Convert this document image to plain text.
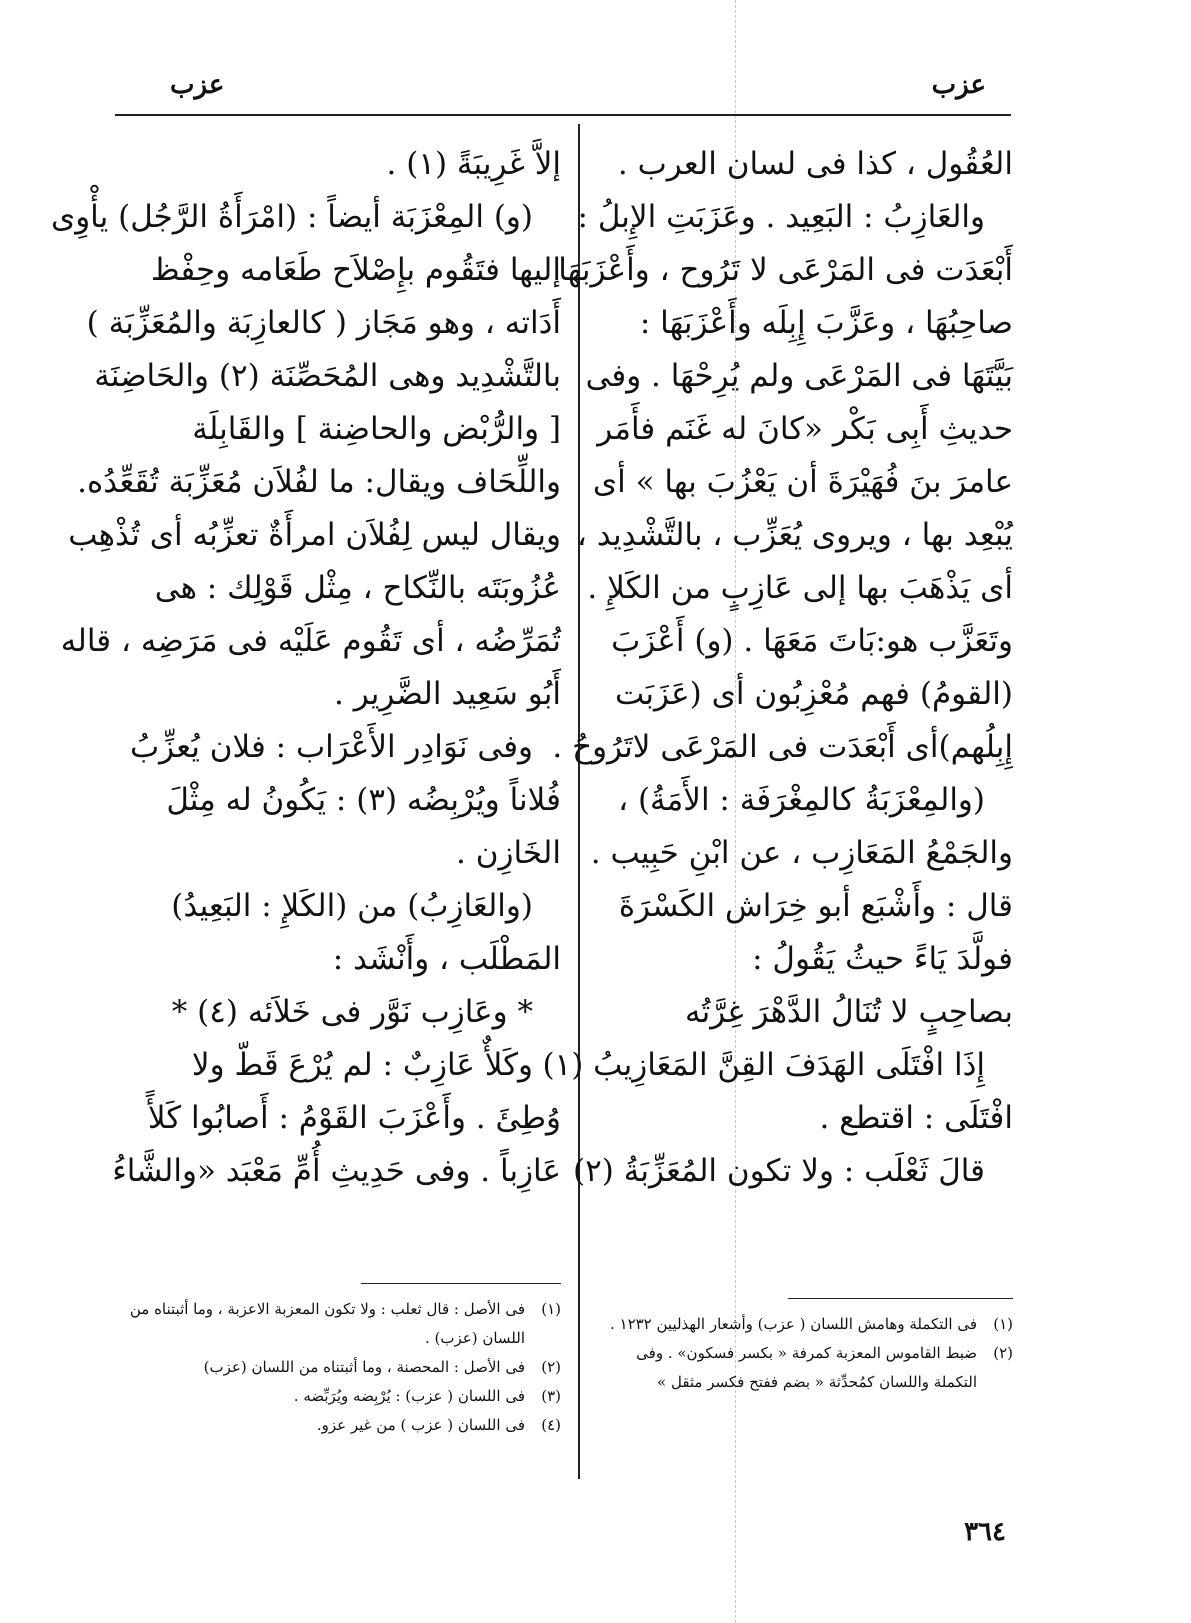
عزب
عزب
العُقُول ، كذا فى لسان العرب .
والعَازِبُ : البَعِيد . وعَزَبَتِ الإِبلُ :
أَبْعَدَت فى المَرْعَى لا تَرُوح ، وأَعْزَبَهَا
صاحِبُهَا ، وعَزَّبَ إِبِلَه وأَعْزَبَهَا :
بَيَّتَهَا فى المَرْعَى ولم يُرِحْهَا . وفى
حديثِ أَبِى بَكْر «كانَ له غَنَم فأَمَر
عامرَ بنَ فُهَيْرَةَ أن يَعْزُبَ بها » أى
يُبْعِد بها ، ويروى يُعَزِّب ، بالتَّشْدِيد ،
أى يَذْهَبَ بها إلى عَازِبٍ من الكَلإِ .
وتَعَزَّب هو:بَاتَ مَعَهَا . (و) أَعْزَبَ
(القومُ) فهم مُعْزِبُون أى (عَزَبَت
إِبِلُهم)أى أَبْعَدَت فى المَرْعَى لاتَرُوحُ .
(والمِعْزَبَةُ كالمِغْرَفَة : الأَمَةُ) ،
والجَمْعُ المَعَازِب ، عن ابْنِ حَبِيب .
قال : وأَشْبَع أبو خِرَاش الكَسْرَةَ
فولَّدَ يَاءً حيثُ يَقُولُ :
بصاحِبٍ لا تُنَالُ الدَّهْرَ غِرَّتُه
إِذَا افْتَلَى الهَدَفَ القِنَّ المَعَازِيبُ (١)
افْتَلَى : اقتطع .
قالَ ثَعْلَب : ولا تكون المُعَزِّبَةُ (٢)
إلاَّ غَرِيبَةً (١) .
(و) المِعْزَبَة أيضاً : (امْرَأَةُ الرَّجُل) يأْوِى
إليها فتَقُوم بإِصْلاَح طَعَامه وحِفْظ
أَدَاته ، وهو مَجَاز ( كالعازِبَة والمُعَزِّبَة )
بالتَّشْدِيد وهى المُحَصِّنَة (٢) والحَاضِنَة
[ والرُّبْض والحاضِنة ] والقَابِلَة
واللِّحَاف ويقال: ما لفُلاَن مُعَزِّبَة تُقَعِّدُه.
ويقال ليس لِفُلاَن امرأَةٌ تعزِّبُه أى تُذْهِب
عُزُوبَتَه بالنِّكاح ، مِثْل قَوْلِك : هى
تُمَرِّضُه ، أى تَقُوم عَلَيْه فى مَرَضِه ، قاله
أَبُو سَعِيد الضَّرِير .
وفى نَوَادِر الأَعْرَاب : فلان يُعزِّبُ
فُلاناً ويُرْبِضُه (٣) : يَكُونُ له مِثْلَ
الخَازِن .
(والعَازِبُ) من (الكَلإِ : البَعِيدُ)
المَطْلَب ، وأَنْشَد :
* وعَازِب نَوَّر فى خَلاَئه (٤) *
وكَلأٌ عَازِبٌ : لم يُرْعَ قَطّ ولا
وُطِئَ . وأَعْزَبَ القَوْمُ : أَصابُوا كَلأً
عَازِباً . وفى حَدِيثِ أُمِّ مَعْبَد «والشَّاءُ
(١)
فى التكملة وهامش اللسان ( عزب) وأشعار الهذليين ١٢٣٢ .
(٢)
ضبط القاموس المعزبة كمرفة « بكسر فسكون» . وفى التكملة واللسان كمُحدِّثة « بضم ففتح فكسر مثقل »
(١)
فى الأصل : قال ثعلب : ولا تكون المعزبة الاعزبة ، وما أثبتناه من اللسان (عزب) .
(٢)
فى الأصل : المحصنة ، وما أثبتناه من اللسان (عزب)
(٣)
فى اللسان ( عزب) : يُرْبِضه ويُرَبِّضه .
(٤)
فى اللسان ( عزب ) من غير عزو.
٣٦٤
